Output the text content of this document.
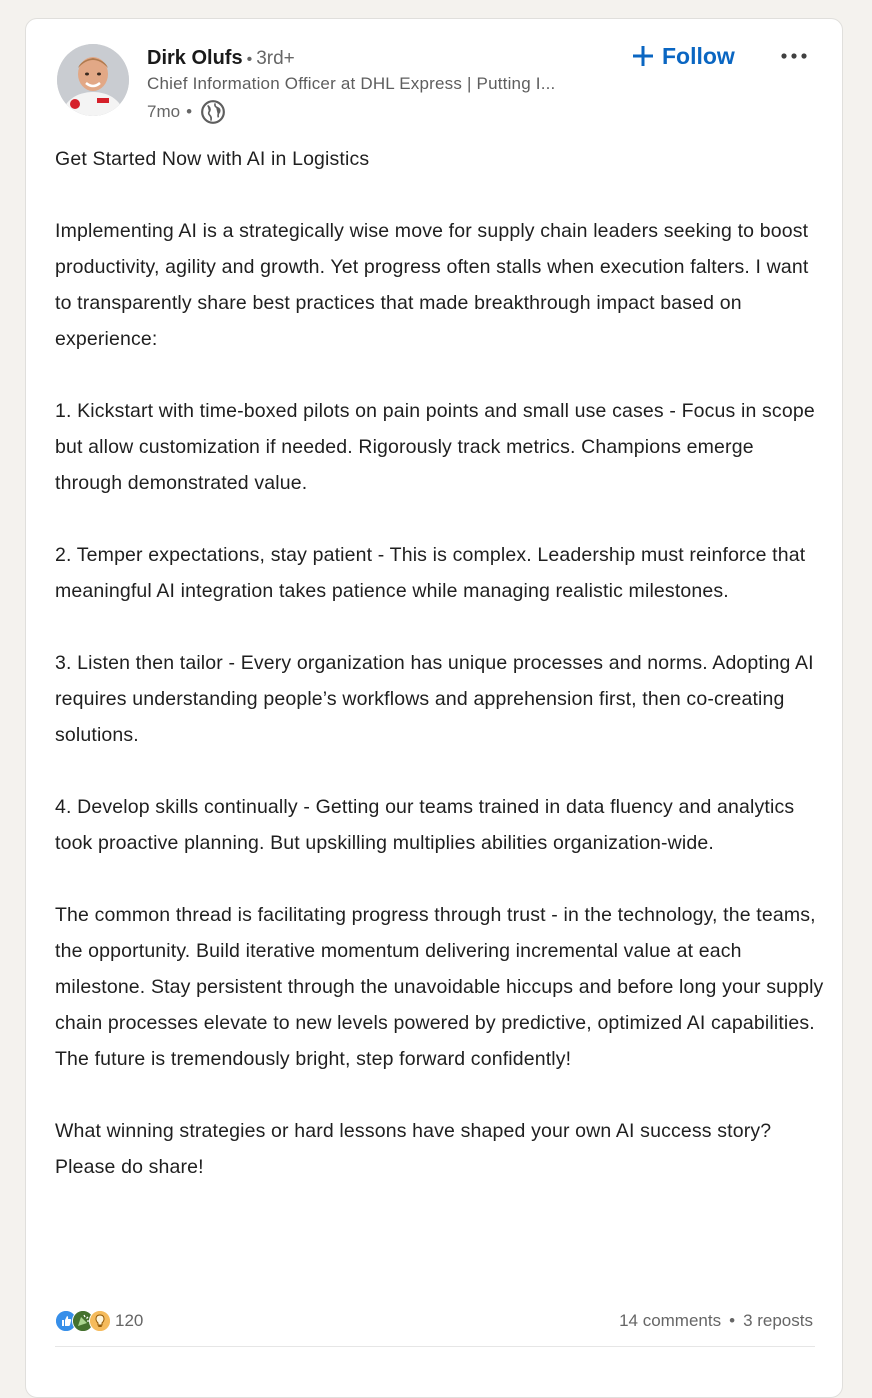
Dirk Olufs • 3rd+
Chief Information Officer at DHL Express | Putting I...
7mo •
Follow

Get Started Now with AI in Logistics

Implementing AI is a strategically wise move for supply chain leaders seeking to boost productivity, agility and growth. Yet progress often stalls when execution falters. I want to transparently share best practices that made breakthrough impact based on experience:

1. Kickstart with time-boxed pilots on pain points and small use cases - Focus in scope but allow customization if needed. Rigorously track metrics. Champions emerge through demonstrated value.

2. Temper expectations, stay patient - This is complex. Leadership must reinforce that meaningful AI integration takes patience while managing realistic milestones.

3. Listen then tailor - Every organization has unique processes and norms. Adopting AI requires understanding people’s workflows and apprehension first, then co-creating solutions.

4. Develop skills continually - Getting our teams trained in data fluency and analytics took proactive planning. But upskilling multiplies abilities organization-wide.

The common thread is facilitating progress through trust - in the technology, the teams, the opportunity. Build iterative momentum delivering incremental value at each milestone. Stay persistent through the unavoidable hiccups and before long your supply chain processes elevate to new levels powered by predictive, optimized AI capabilities. The future is tremendously bright, step forward confidently!

What winning strategies or hard lessons have shaped your own AI success story? Please do share!

120	14 comments • 3 reposts
